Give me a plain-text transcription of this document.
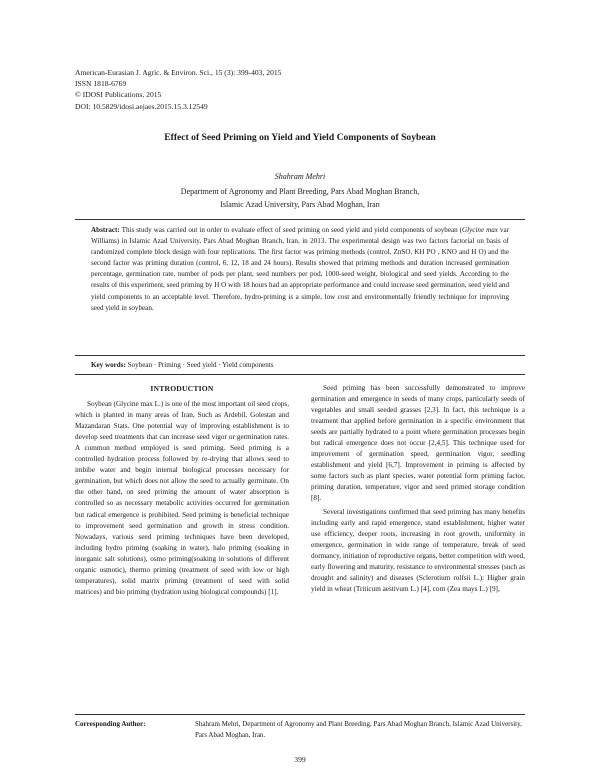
American-Eurasian J. Agric. & Environ. Sci., 15 (3): 399-403, 2015
ISSN 1818-6769
© IDOSI Publications, 2015
DOI: 10.5829/idosi.aejaes.2015.15.3.12549
Effect of Seed Priming on Yield and Yield Components of Soybean
Shahram Mehri
Department of Agronomy and Plant Breeding, Pars Abad Moghan Branch,
Islamic Azad University, Pars Abad Moghan, Iran
Abstract: This study was carried out in order to evaluate effect of seed priming on seed yield and yield components of soybean (Glycine max var Williams) in Islamic Azad University, Pars Abad Moghan Branch, Iran, in 2013. The experimental design was two factors factorial on basis of randomized complete block design with four replications. The first factor was priming methods (control, ZnSO, KH PO , KNO and H O) and the second factor was priming duration (control, 6, 12, 18 and 24 hours). Results showed that priming methods and duration increased germination percentage, germination rate, number of pods per plant, seed numbers per pod, 1000-seed weight, biological and seed yields. According to the results of this experiment, seed priming by H O with 18 hours had an appropriate performance and could increase seed germination, seed yield and yield components to an acceptable level. Therefore, hydro-priming is a simple, low cost and environmentally friendly technique for improving seed yield in soybean.
Key words: Soybean · Priming · Seed yield · Yield components
INTRODUCTION

Soybean (Glycine max L.) is one of the most important oil seed crops, which is planted in many areas of Iran, Such as Ardebil, Golestan and Mazandaran Stats. One potential way of improving establishment is to develop seed treatments that can increase seed vigor or germination rates. A common method employed is seed priming. Seed priming is a controlled hydration process followed by re-drying that allows seed to imbibe water and begin internal biological processes necessary for germination, but which does not allow the seed to actually germinate. On the other hand, on seed priming the amount of water absorption is controlled so as necessary metabolic activities occurred for germination but radical emergence is prohibited. Seed priming is beneficial technique to improvement seed germination and growth in stress condition. Nowadays, various seed priming techniques have been developed, including hydro priming (soaking in water), halo priming (soaking in inorganic salt solutions), osmo priming(soaking in solutions of different organic osmotic), thermo priming (treatment of seed with low or high temperatures), solid matrix priming (treatment of seed with solid matrices) and bio priming (hydration using biological compounds) [1].

Seed priming has been successfully demonstrated to improve germination and emergence in seeds of many crops, particularly seeds of vegetables and small seeded grasses [2,3]. In fact, this technique is a treatment that applied before germination in a specific environment that seeds are partially hydrated to a point where germination processes begin but radical emergence does not occur [2,4,5]. This technique used for improvement of germination speed, germination vigor, seedling establishment and yield [6,7]. Improvement in priming is affected by some factors such as plant species, water potential form priming factor, priming duration, temperature, vigor and seed primed storage condition [8].

Several investigations confirmed that seed priming has many benefits including early and rapid emergence, stand establishment, higher water use efficiency, deeper roots, increasing in root growth, uniformity in emergence, germination in wide range of temperature, break of seed dormancy, initiation of reproductive organs, better competition with weed, early flowering and maturity, resistance to environmental stresses (such as drought and salinity) and diseases (Sclerotium rolfsii L.): Higher grain yield in wheat (Triticum aestivum L.) [4], corn (Zea mays L.) [9],

Corresponding Author:	Shahram Mehri, Department of Agronomy and Plant Breeding, Pars Abad Moghan Branch, Islamic Azad University, Pars Abad Moghan, Iran.
399
